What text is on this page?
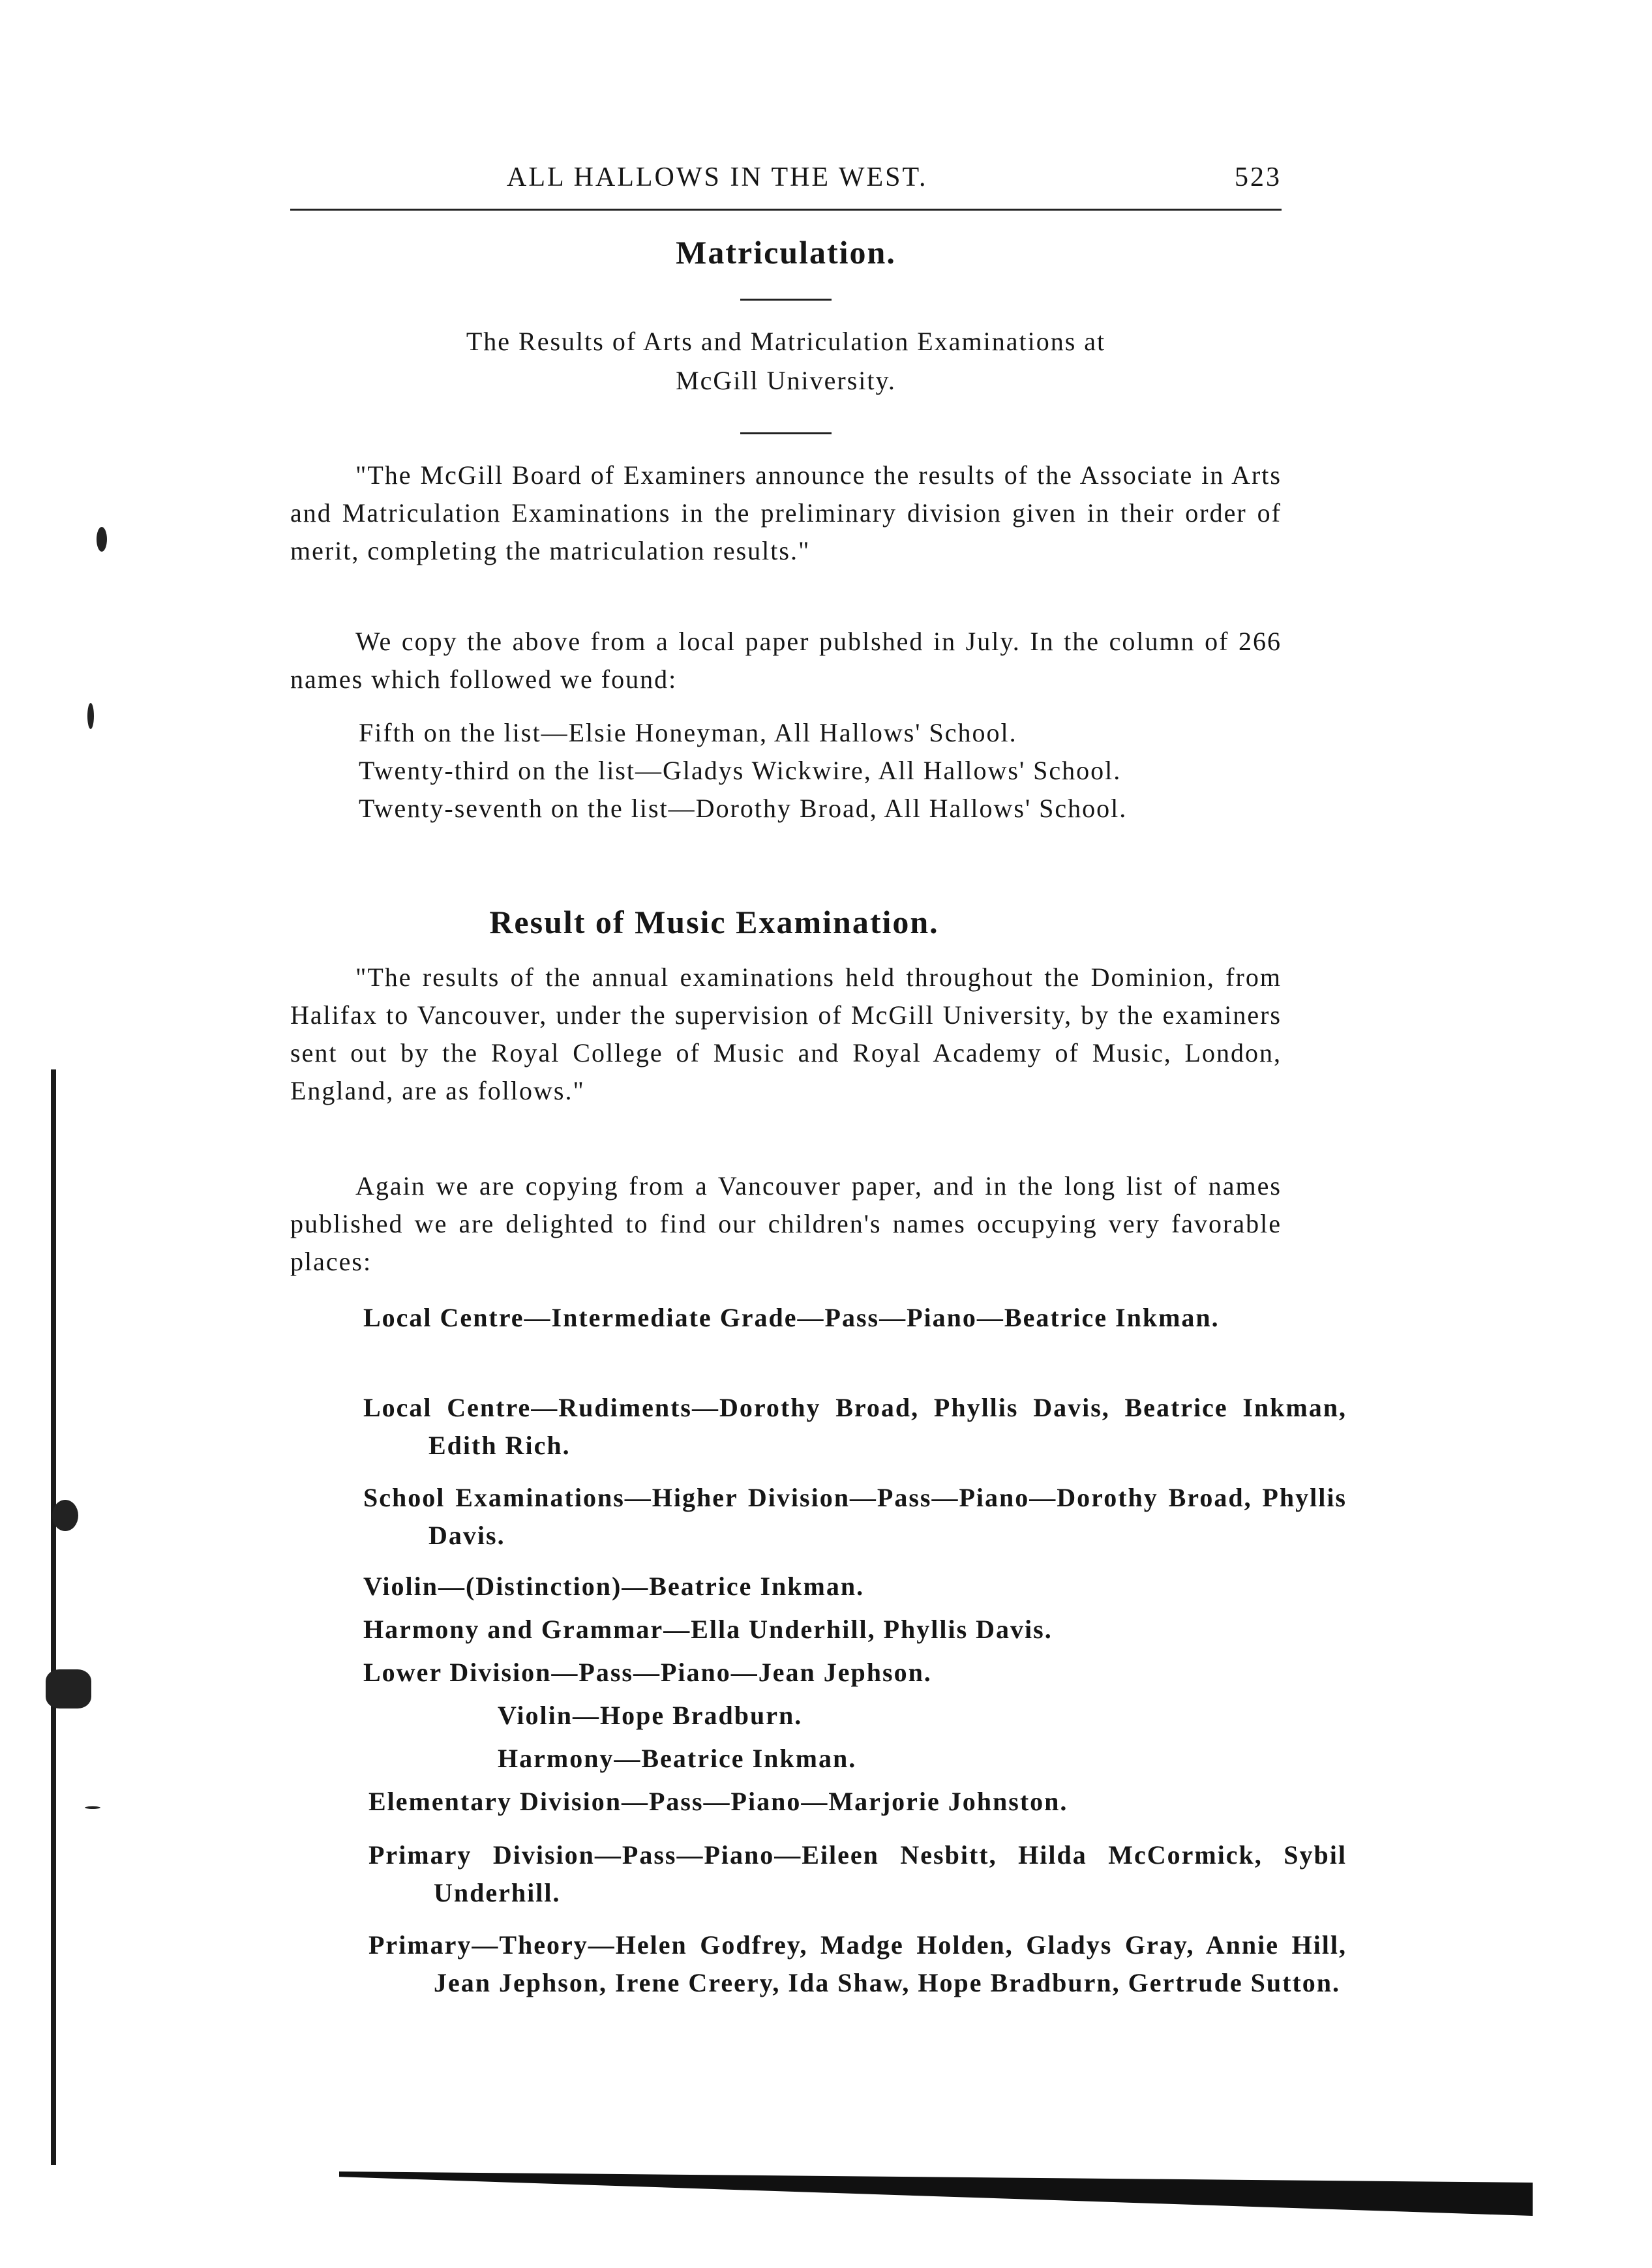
ALL HALLOWS IN THE WEST.	523
Matriculation.
The Results of Arts and Matriculation Examinations at
McGill University.

"The McGill Board of Examiners announce the results of the Associate in Arts and Matriculation Examinations in the preliminary division given in their order of merit, completing the matriculation results."

We copy the above from a local paper publshed in July. In the column of 266 names which followed we found:

Fifth on the list—Elsie Honeyman, All Hallows' School.

Twenty-third on the list—Gladys Wickwire, All Hallows' School.

Twenty-seventh on the list—Dorothy Broad, All Hallows' School.

Result of Music Examination.

"The results of the annual examinations held throughout the Dominion, from Halifax to Vancouver, under the supervision of McGill University, by the examiners sent out by the Royal College of Music and Royal Academy of Music, London, England, are as follows."

Again we are copying from a Vancouver paper, and in the long list of names published we are delighted to find our children's names occupying very favorable places:

Local Centre—Intermediate Grade—Pass—Piano—Beatrice Inkman.

Local Centre—Rudiments—Dorothy Broad, Phyllis Davis, Beatrice Inkman, Edith Rich.

School Examinations—Higher Division—Pass—Piano—Dorothy Broad, Phyllis Davis.

Violin—(Distinction)—Beatrice Inkman.

Harmony and Grammar—Ella Underhill, Phyllis Davis.

Lower Division—Pass—Piano—Jean Jephson.

Violin—Hope Bradburn.

Harmony—Beatrice Inkman.

Elementary Division—Pass—Piano—Marjorie Johnston.

Primary Division—Pass—Piano—Eileen Nesbitt, Hilda McCormick, Sybil Underhill.

Primary—Theory—Helen Godfrey, Madge Holden, Gladys Gray, Annie Hill, Jean Jephson, Irene Creery, Ida Shaw, Hope Bradburn, Gertrude Sutton.
